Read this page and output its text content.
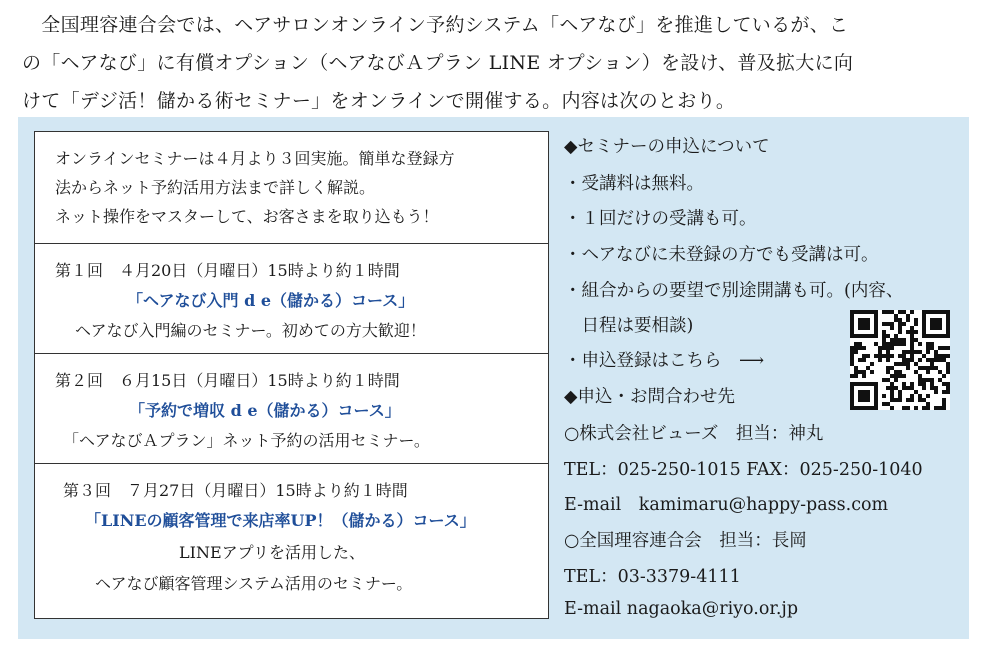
　全国理容連合会では、ヘアサロンオンライン予約システム「ヘアなび」を推進しているが、こ

の「ヘアなび」に有償オプション（ヘアなびＡプラン LINE オプション）を設け、普及拡大に向

けて「デジ活！儲かる術セミナー」をオンラインで開催する。内容は次のとおり。

オンラインセミナーは４月より３回実施。簡単な登録方
法からネット予約活用方法まで詳しく解説。
ネット操作をマスターして、お客さまを取り込もう！
第１回　４月20日（月曜日）15時より約１時間
「ヘアなび入門 d e（儲かる）コース」
ヘアなび入門編のセミナー。初めての方大歓迎！
第２回　６月15日（月曜日）15時より約１時間
「予約で増収 d e（儲かる）コース」
「ヘアなびＡプラン」ネット予約の活用セミナー。
第３回　７月27日（月曜日）15時より約１時間
「LINEの顧客管理で来店率UP！（儲かる）コース」
LINEアプリを活用した、
ヘアなび顧客管理システム活用のセミナー。
◆セミナーの申込について
・受講料は無料。
・１回だけの受講も可。
・ヘアなびに未登録の方でも受講は可。
・組合からの要望で別途開講も可。(内容、
　日程は要相談)
・申込登録はこちら　⟶
◆申込・お問合わせ先
○株式会社ビューズ　担当：神丸
TEL：025-250-1015 FAX：025-250-1040
E-mail　kamimaru@happy-pass.com
○全国理容連合会　担当：長岡
TEL：03-3379-4111
E-mail nagaoka@riyo.or.jp
